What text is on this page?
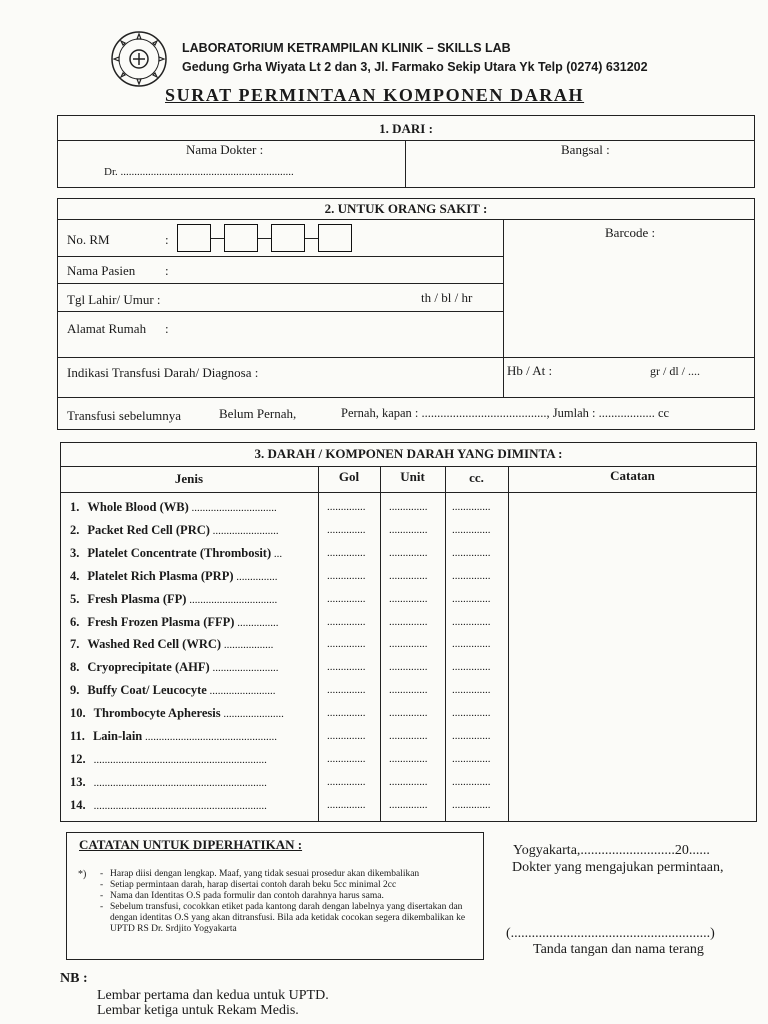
LABORATORIUM KETRAMPILAN KLINIK – SKILLS LAB
Gedung Grha Wiyata Lt 2 dan 3, Jl. Farmako Sekip Utara Yk Telp (0274) 631202
SURAT PERMINTAAN KOMPONEN DARAH
1. DARI :
Nama Dokter :
Dr. ...............................................................
Bangsal :
2. UNTUK ORANG SAKIT :
No. RM	:
Nama Pasien :
Tgl Lahir/ Umur :	th / bl / hr
Alamat Rumah :
Indikasi Transfusi Darah/ Diagnosa :
Barcode :
Hb / At :	gr / dl / ....
Transfusi sebelumnya	Belum Pernah,	Pernah, kapan : ........................................, Jumlah : .................. cc
3. DARAH / KOMPONEN DARAH YANG DIMINTA :
Jenis	Gol	Unit	cc.	Catatan
1. Whole Blood (WB) ...............................	.............. .............. ..............
2. Packet Red Cell (PRC) ........................	.............. .............. ..............
3. Platelet Concentrate (Thrombosit) ...	.............. .............. ..............
4. Platelet Rich Plasma (PRP) ...............	.............. .............. ..............
5. Fresh Plasma (FP) ................................	.............. .............. ..............
6. Fresh Frozen Plasma (FFP) ...............	.............. .............. ..............
7. Washed Red Cell (WRC) ..................	.............. .............. ..............
8. Cryoprecipitate (AHF) ........................	.............. .............. ..............
9. Buffy Coat/ Leucocyte ........................	.............. .............. ..............
10. Thrombocyte Apheresis ......................	.............. .............. ..............
11. Lain-lain ................................................	.............. .............. ..............
12. ...............................................................	.............. .............. ..............
13. ...............................................................	.............. .............. ..............
14. ...............................................................	.............. .............. ..............
CATATAN UNTUK DIPERHATIKAN :
*)
-	Harap diisi dengan lengkap. Maaf, yang tidak sesuai prosedur akan dikembalikan
- Setiap permintaan darah, harap disertai contoh darah beku 5cc minimal 2cc
- Nama dan Identitas O.S pada formulir dan contoh darahnya harus sama.
- Sebelum transfusi, cocokkan etiket pada kantong darah dengan labelnya yang disertakan dan dengan identitas O.S yang akan ditransfusi. Bila ada ketidak cocokan segera dikembalikan ke UPTD RS Dr. Srdjito Yogyakarta
Yogyakarta,...........................20......
Dokter yang mengajukan permintaan,
(.........................................................)
Tanda tangan dan nama terang
NB :
Lembar pertama dan kedua untuk UPTD.
Lembar ketiga untuk Rekam Medis.
